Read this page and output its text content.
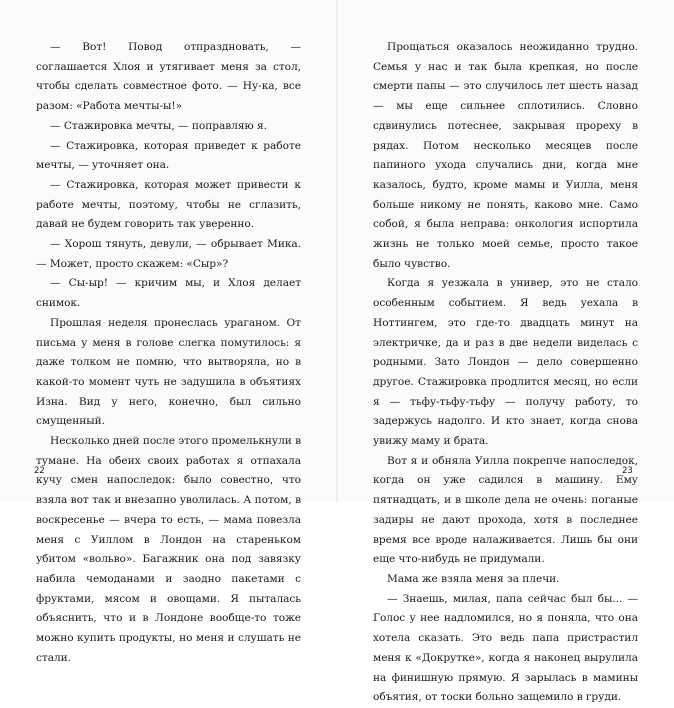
— Вот! Повод отпраздновать, — соглашается Хлоя и утягивает меня за стол, чтобы сделать совместное фото. — Ну-ка, все разом: «Работа мечты-ы!»

— Стажировка мечты, — поправляю я.

— Стажировка, которая приведет к работе мечты, — уточняет она.

— Стажировка, которая может привести к работе мечты, поэтому, чтобы не сглазить, давай не будем говорить так уверенно.

— Хорош тянуть, девули, — обрывает Мика. — Может, просто скажем: «Сыр»?

— Сы-ыр! — кричим мы, и Хлоя делает снимок.

Прошлая неделя пронеслась ураганом. От письма у меня в голове слегка помутилось: я даже толком не помню, что вытворяла, но в какой-то момент чуть не задушила в объятиях Изна. Вид у него, конечно, был сильно смущенный.

Несколько дней после этого промелькнули в тумане. На обеих своих работах я отпахала кучу смен напоследок: было совестно, что взяла вот так и внезапно уволилась. А потом, в воскресенье — вчера то есть, — мама повезла меня с Уиллом в Лондон на стареньком убитом «вольво». Багажник она под завязку набила чемоданами и заодно пакетами с фруктами, мясом и овощами. Я пыталась объяснить, что и в Лондоне вообще-то тоже можно купить продукты, но меня и слушать не стали.

22

Прощаться оказалось неожиданно трудно. Семья у нас и так была крепкая, но после смерти папы — это случилось лет шесть назад — мы еще сильнее сплотились. Словно сдвинулись потеснее, закрывая прореху в рядах. Потом несколько месяцев после папиного ухода случались дни, когда мне казалось, будто, кроме мамы и Уилла, меня больше никому не понять, каково мне. Само собой, я была неправа: онкология испортила жизнь не только моей семье, просто такое было чувство.

Когда я уезжала в универ, это не стало особенным событием. Я ведь уехала в Ноттингем, это где-то двадцать минут на электричке, да и раз в две недели виделась с родными. Зато Лондон — дело совершенно другое. Стажировка продлится месяц, но если я — тьфу-тьфу-тьфу — получу работу, то задержусь надолго. И кто знает, когда снова увижу маму и брата.

Вот я и обняла Уилла покрепче напоследок, когда он уже садился в машину. Ему пятнадцать, и в школе дела не очень: поганые задиры не дают прохода, хотя в последнее время все вроде налаживается. Лишь бы они еще что-нибудь не придумали.

Мама же взяла меня за плечи.

— Знаешь, милая, папа сейчас был бы... — Голос у нее надломился, но я поняла, что она хотела сказать. Это ведь папа пристрастил меня к «Докрутке», когда я наконец вырулила на финишную прямую. Я зарылась в мамины объятия, от тоски больно защемило в груди.

23
